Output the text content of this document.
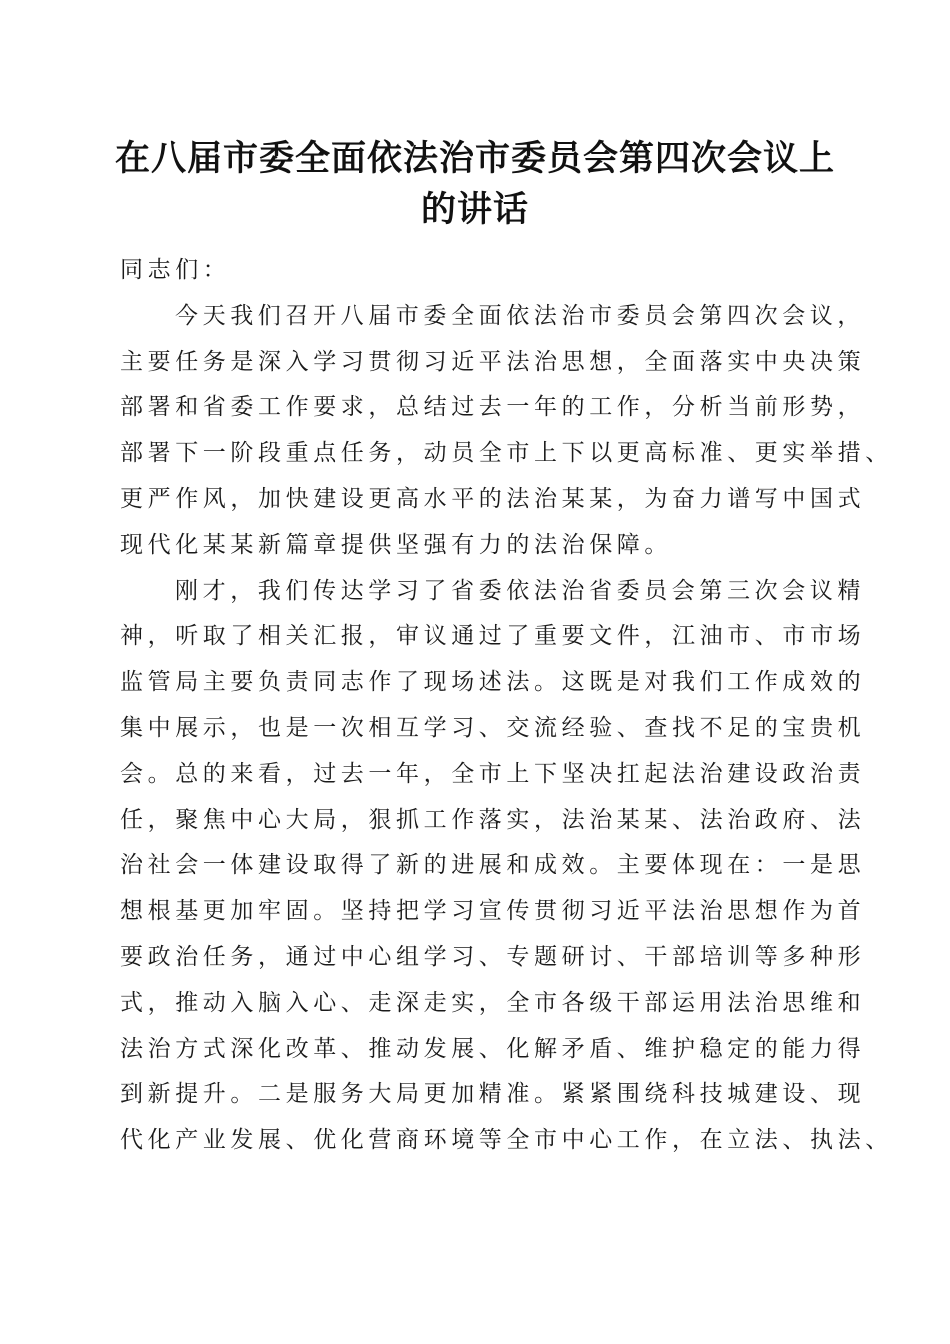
在八届市委全面依法治市委员会第四次会议上
的讲话
同志们：
今天我们召开八届市委全面依法治市委员会第四次会议，
主要任务是深入学习贯彻习近平法治思想，全面落实中央决策
部署和省委工作要求，总结过去一年的工作，分析当前形势，
部署下一阶段重点任务，动员全市上下以更高标准、更实举措、
更严作风，加快建设更高水平的法治某某，为奋力谱写中国式
现代化某某新篇章提供坚强有力的法治保障。
刚才，我们传达学习了省委依法治省委员会第三次会议精
神，听取了相关汇报，审议通过了重要文件，江油市、市市场
监管局主要负责同志作了现场述法。这既是对我们工作成效的
集中展示，也是一次相互学习、交流经验、查找不足的宝贵机
会。总的来看，过去一年，全市上下坚决扛起法治建设政治责
任，聚焦中心大局，狠抓工作落实，法治某某、法治政府、法
治社会一体建设取得了新的进展和成效。主要体现在：一是思
想根基更加牢固。坚持把学习宣传贯彻习近平法治思想作为首
要政治任务，通过中心组学习、专题研讨、干部培训等多种形
式，推动入脑入心、走深走实，全市各级干部运用法治思维和
法治方式深化改革、推动发展、化解矛盾、维护稳定的能力得
到新提升。二是服务大局更加精准。紧紧围绕科技城建设、现
代化产业发展、优化营商环境等全市中心工作，在立法、执法、
